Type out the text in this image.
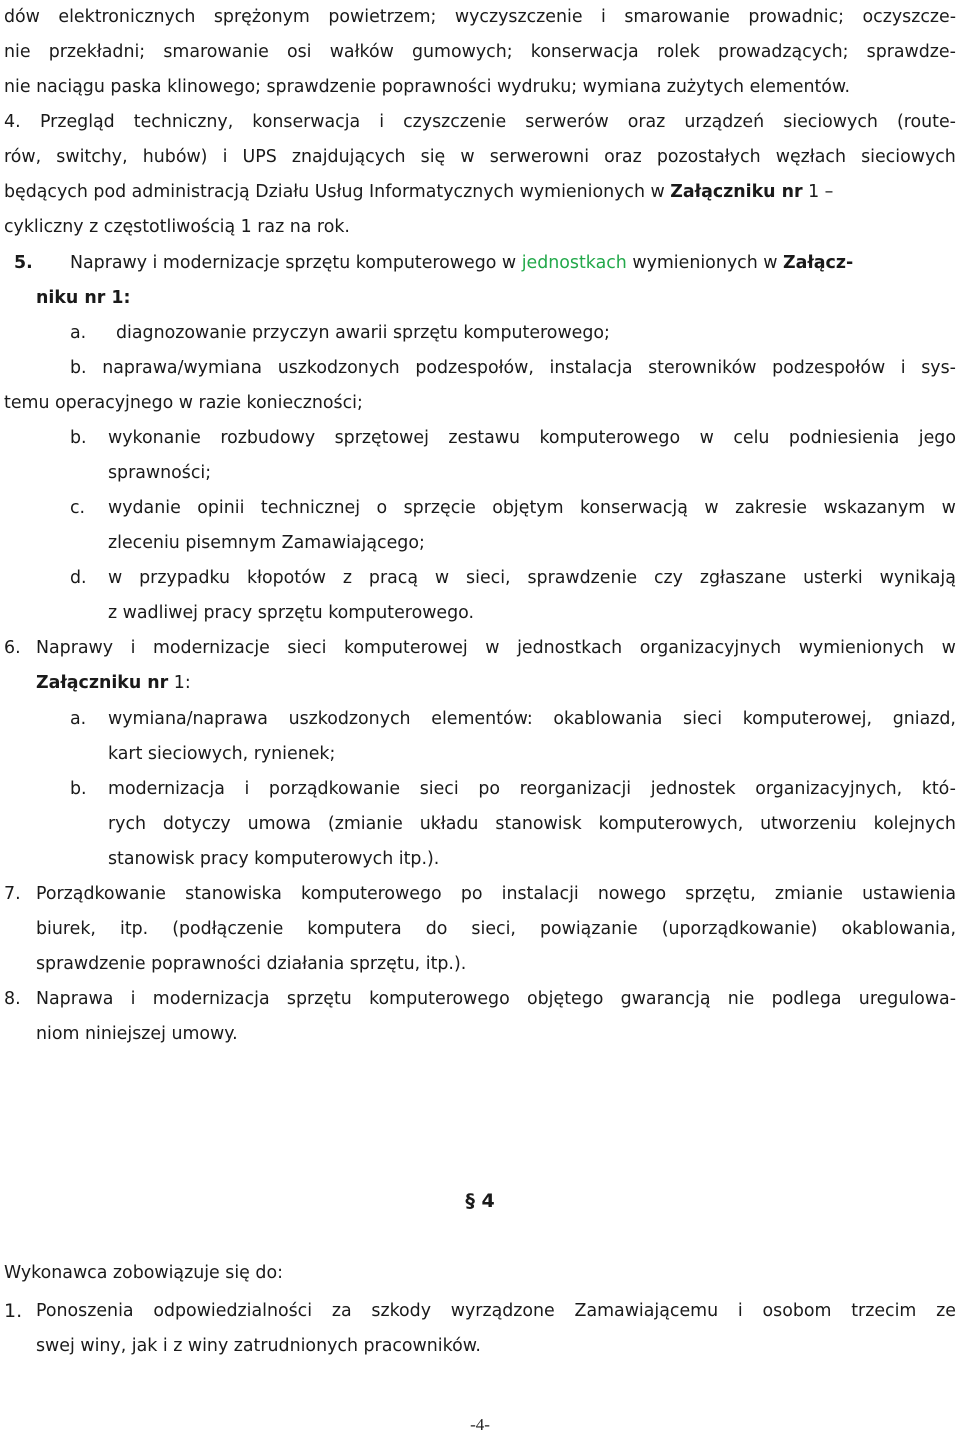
dów elektronicznych sprężonym powietrzem; wyczyszczenie i smarowanie prowadnic; oczyszcze-
nie przekładni; smarowanie osi wałków gumowych; konserwacja rolek prowadzących; sprawdze-
nie naciągu paska klinowego; sprawdzenie poprawności wydruku; wymiana zużytych elementów.
4. Przegląd techniczny, konserwacja i czyszczenie serwerów oraz urządzeń sieciowych (route-
rów, switchy, hubów) i UPS znajdujących się w serwerowni oraz pozostałych węzłach sieciowych
będących pod administracją Działu Usług Informatycznych wymienionych w Załączniku nr 1 –
cykliczny z częstotliwością 1 raz na rok.
5. Naprawy i modernizacje sprzętu komputerowego w jednostkach wymienionych w Załącz-
niku nr 1:
a. diagnozowanie przyczyn awarii sprzętu komputerowego;
b. naprawa/wymiana uszkodzonych podzespołów, instalacja sterowników podzespołów i sys-
temu operacyjnego w razie konieczności;
b. wykonanie rozbudowy sprzętowej zestawu komputerowego w celu podniesienia jego
sprawności;
c. wydanie opinii technicznej o sprzęcie objętym konserwacją w zakresie wskazanym w
zleceniu pisemnym Zamawiającego;
d. w przypadku kłopotów z pracą w sieci, sprawdzenie czy zgłaszane usterki wynikają
z wadliwej pracy sprzętu komputerowego.
6. Naprawy i modernizacje sieci komputerowej w jednostkach organizacyjnych wymienionych w
Załączniku nr 1:
a. wymiana/naprawa uszkodzonych elementów: okablowania sieci komputerowej, gniazd,
kart sieciowych, rynienek;
b. modernizacja i porządkowanie sieci po reorganizacji jednostek organizacyjnych, któ-
rych dotyczy umowa (zmianie układu stanowisk komputerowych, utworzeniu kolejnych
stanowisk pracy komputerowych itp.).
7. Porządkowanie stanowiska komputerowego po instalacji nowego sprzętu, zmianie ustawienia
biurek, itp. (podłączenie komputera do sieci, powiązanie (uporządkowanie) okablowania,
sprawdzenie poprawności działania sprzętu, itp.).
8. Naprawa i modernizacja sprzętu komputerowego objętego gwarancją nie podlega uregulowa-
niom niniejszej umowy.
§ 4
Wykonawca zobowiązuje się do:
1. Ponoszenia odpowiedzialności za szkody wyrządzone Zamawiającemu i osobom trzecim ze
swej winy, jak i z winy zatrudnionych pracowników.
-4-
